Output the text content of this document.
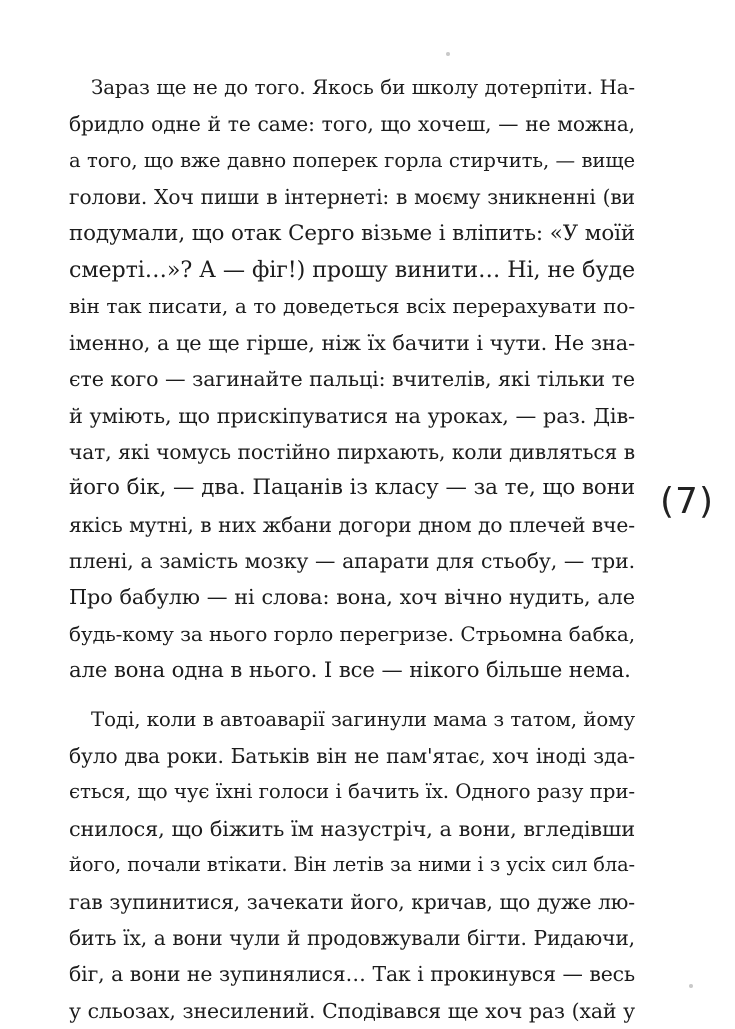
Зараз ще не до того. Якось би школу дотерпіти. На-
бридло одне й те саме: того, що хочеш, — не можна,
а того, що вже давно поперек горла стирчить, — вище
голови. Хоч пиши в інтернеті: в моєму зникненні (ви
подумали, що отак Серго візьме і вліпить: «У моїй
смерті…»? А — фіг!) прошу винити… Ні, не буде
він так писати, а то доведеться всіх перерахувати по-
іменно, а це ще гірше, ніж їх бачити і чути. Не зна-
єте кого — загинайте пальці: вчителів, які тільки те
й уміють, що прискіпуватися на уроках, — раз. Дів-
чат, які чомусь постійно пирхають, коли дивляться в
його бік, — два. Пацанів із класу — за те, що вони
якісь мутні, в них жбани догори дном до плечей вче-
плені, а замість мозку — апарати для стьобу, — три.
Про бабулю — ні слова: вона, хоч вічно нудить, але
будь-кому за нього горло перегризе. Стрьомна бабка,
але вона одна в нього. І все — нікого більше нема.
Тоді, коли в автоаварії загинули мама з татом, йому
було два роки. Батьків він не пам'ятає, хоч іноді зда-
ється, що чує їхні голоси і бачить їх. Одного разу при-
снилося, що біжить їм назустріч, а вони, вгледівши
його, почали втікати. Він летів за ними і з усіх сил бла-
гав зупинитися, зачекати його, кричав, що дуже лю-
бить їх, а вони чули й продовжували бігти. Ридаючи,
біг, а вони не зупинялися… Так і прокинувся — весь
у сльозах, знесилений. Сподівався ще хоч раз (хай у
(7)
